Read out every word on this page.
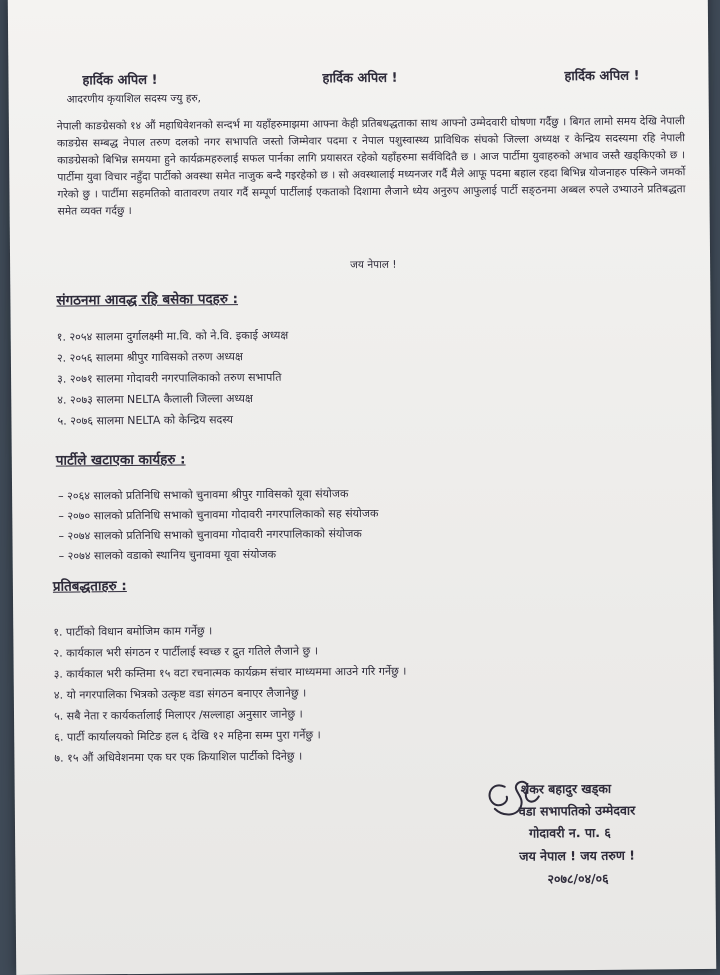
हार्दिक अपिल !	हार्दिक अपिल !	हार्दिक अपिल !
आदरणीय कृयाशिल सदस्य ज्यु हरु,
नेपाली काङग्रेसको १४ औं महाधिवेशनको सन्दर्भ मा यहाँहरुमाझमा आफ्ना केही प्रतिबधद्धताका साथ आफ्नो उम्मेदवारी घोषणा गर्दैछु । बिगत लामो समय देखि नेपाली काङग्रेस सम्बद्ध नेपाल तरुण दलको नगर सभापति जस्तो जिम्मेवार पदमा र नेपाल पशुस्वास्थ्य प्राविधिक संघको जिल्ला अध्यक्ष र केन्द्रिय सदस्यमा रहि नेपाली काङग्रेसको बिभिन्न समयमा हुने कार्यक्रमहरुलाई सफल पार्नका लागि प्रयासरत रहेको यहाँहरुमा सर्वविदितै छ । आज पार्टीमा युवाहरुको अभाव जस्तै खड्किएको छ । पार्टीमा युवा विचार नहुँदा पार्टीको अवस्था समेत नाजुक बन्दै गइरहेको छ । सो अवस्थालाई मध्यनजर गर्दै मैले आफू पदमा बहाल रहदा बिभिन्न योजनाहरु पस्किने जमर्को गरेको छु । पार्टीमा सहमतिको वातावरण तयार गर्दै सम्पूर्ण पार्टीलाई एकताको दिशामा लैजाने ध्येय अनुरुप आफुलाई पार्टी सङ्ठनमा अब्बल रुपले उभ्याउने प्रतिबद्धता समेत व्यक्त गर्दछु ।
जय नेपाल !
संगठनमा आवद्ध रहि बसेका पदहरु :
१. २०५४ सालमा दुर्गालक्ष्मी मा.वि. को ने.वि. इकाई अध्यक्ष
२. २०५६ सालमा श्रीपुर गाविसको तरुण अध्यक्ष
३. २०७१ सालमा गोदावरी नगरपालिकाको तरुण सभापति
४. २०७३ सालमा NELTA कैलाली जिल्ला अध्यक्ष
५. २०७६ सालमा NELTA को केन्द्रिय सदस्य
पार्टीले खटाएका कार्यहरु :
– २०६४ सालको प्रतिनिधि सभाको चुनावमा श्रीपुर गाविसको यूवा संयोजक
– २०७० सालको प्रतिनिधि सभाको चुनावमा गोदावरी नगरपालिकाको सह संयोजक
– २०७४ सालको प्रतिनिधि सभाको चुनावमा गोदावरी नगरपालिकाको संयोजक
– २०७४ सालको वडाको स्थानिय चुनावमा यूवा संयोजक
प्रतिबद्धताहरु :
१. पार्टीको विधान बमोजिम काम गर्नेछु ।
२. कार्यकाल भरी संगठन र पार्टीलाई स्वच्छ र द्रुत गतिले लैजाने छु ।
३. कार्यकाल भरी कम्तिमा १५ वटा रचनात्मक कार्यक्रम संचार माध्यममा आउने गरि गर्नेछु ।
४. यो नगरपालिका भित्रको उत्कृष्ट वडा संगठन बनाएर लैजानेछु ।
५. सबै नेता र कार्यकर्तालाई मिलाएर /सल्लाहा अनुसार जानेछु ।
६. पार्टी कार्यालयको मिटिङ हल ६ देखि १२ महिना सम्म पुरा गर्नेछु ।
७. १५ औं अधिवेशनमा एक घर एक क्रियाशिल पार्टीको दिनेछु ।
शंकर बहादुर खड्का
वडा सभापतिको उम्मेदवार
गोदावरी न. पा. ६
जय नेपाल ! जय तरुण !
२०७८/०४/०६
